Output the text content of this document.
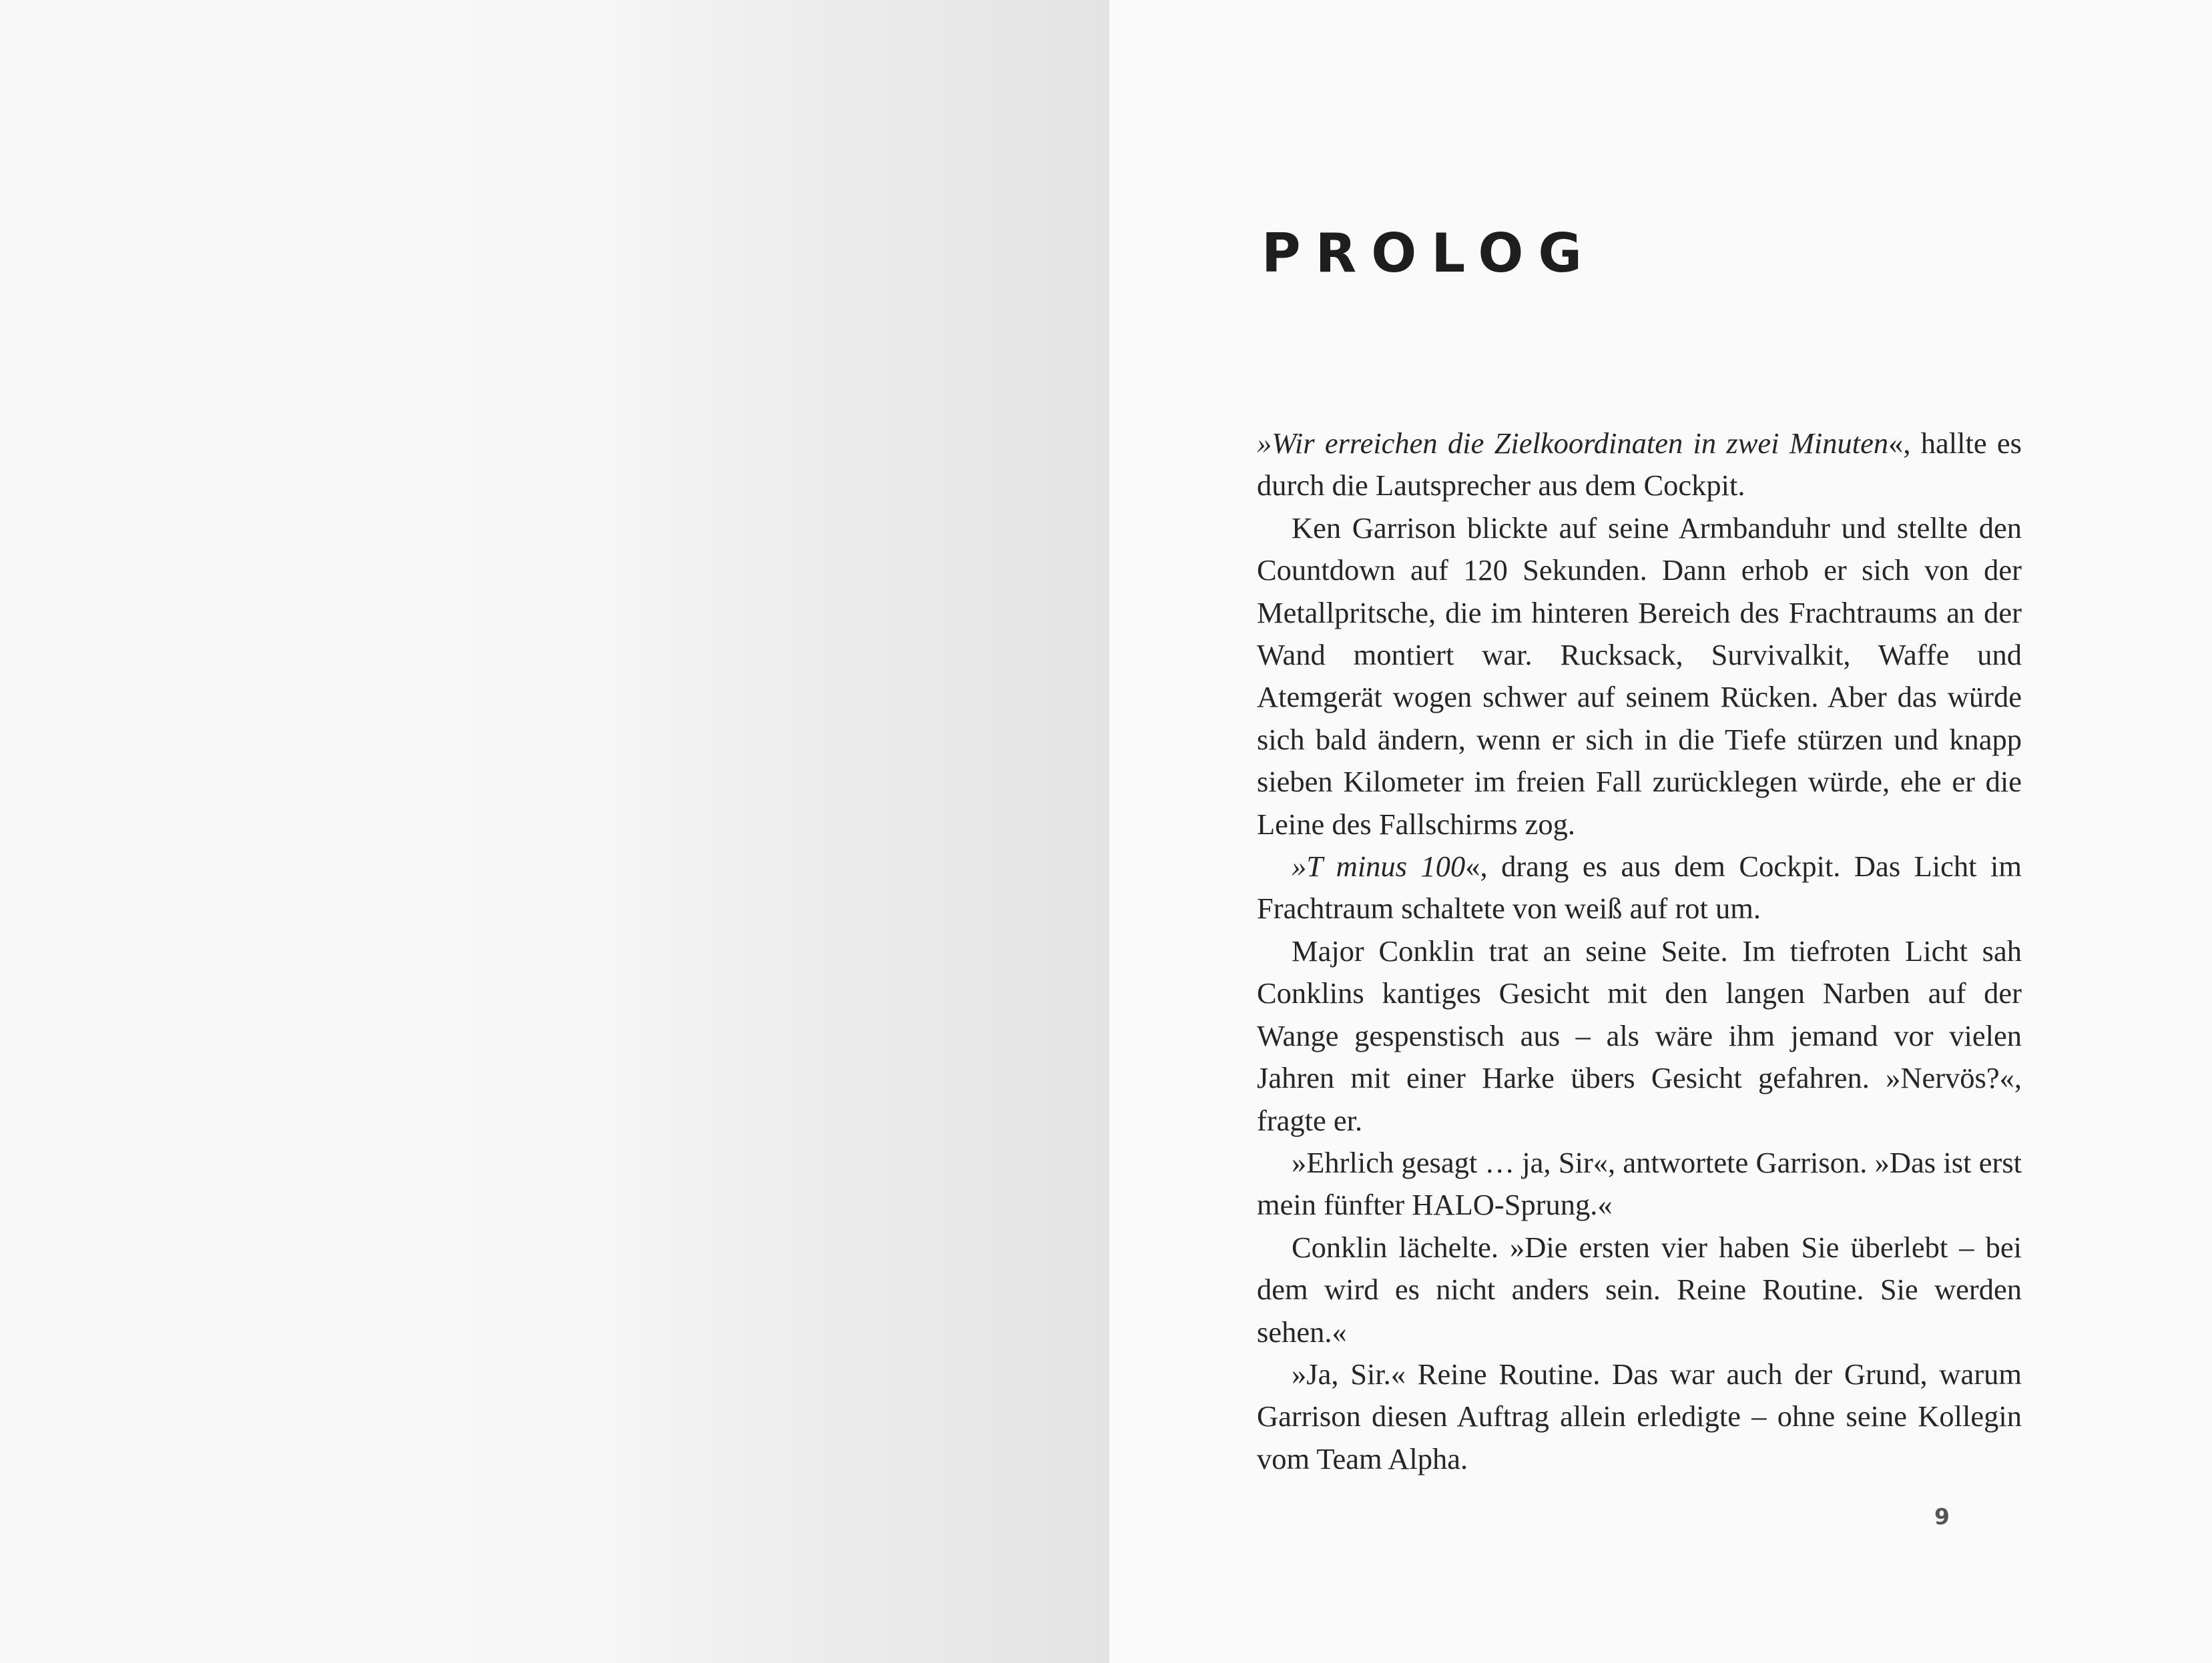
PROLOG

»Wir erreichen die Zielkoordinaten in zwei Minuten«, hallte es durch die Lautsprecher aus dem Cockpit.

Ken Garrison blickte auf seine Armbanduhr und stellte den Countdown auf 120 Sekunden. Dann erhob er sich von der Metallpritsche, die im hinteren Bereich des Frachtraums an der Wand montiert war. Rucksack, Survivalkit, Waffe und Atemgerät wogen schwer auf seinem Rücken. Aber das würde sich bald ändern, wenn er sich in die Tiefe stürzen und knapp sieben Kilometer im freien Fall zurücklegen würde, ehe er die Leine des Fallschirms zog.

»T minus 100«, drang es aus dem Cockpit. Das Licht im Frachtraum schaltete von weiß auf rot um.

Major Conklin trat an seine Seite. Im tiefroten Licht sah Conklins kantiges Gesicht mit den langen Narben auf der Wange gespenstisch aus – als wäre ihm jemand vor vielen Jahren mit einer Harke übers Gesicht gefahren. »Nervös?«, fragte er.

»Ehrlich gesagt … ja, Sir«, antwortete Garrison. »Das ist erst mein fünfter HALO-Sprung.«

Conklin lächelte. »Die ersten vier haben Sie überlebt – bei dem wird es nicht anders sein. Reine Routine. Sie werden sehen.«

»Ja, Sir.« Reine Routine. Das war auch der Grund, warum Garrison diesen Auftrag allein erledigte – ohne seine Kollegin vom Team Alpha.

9
